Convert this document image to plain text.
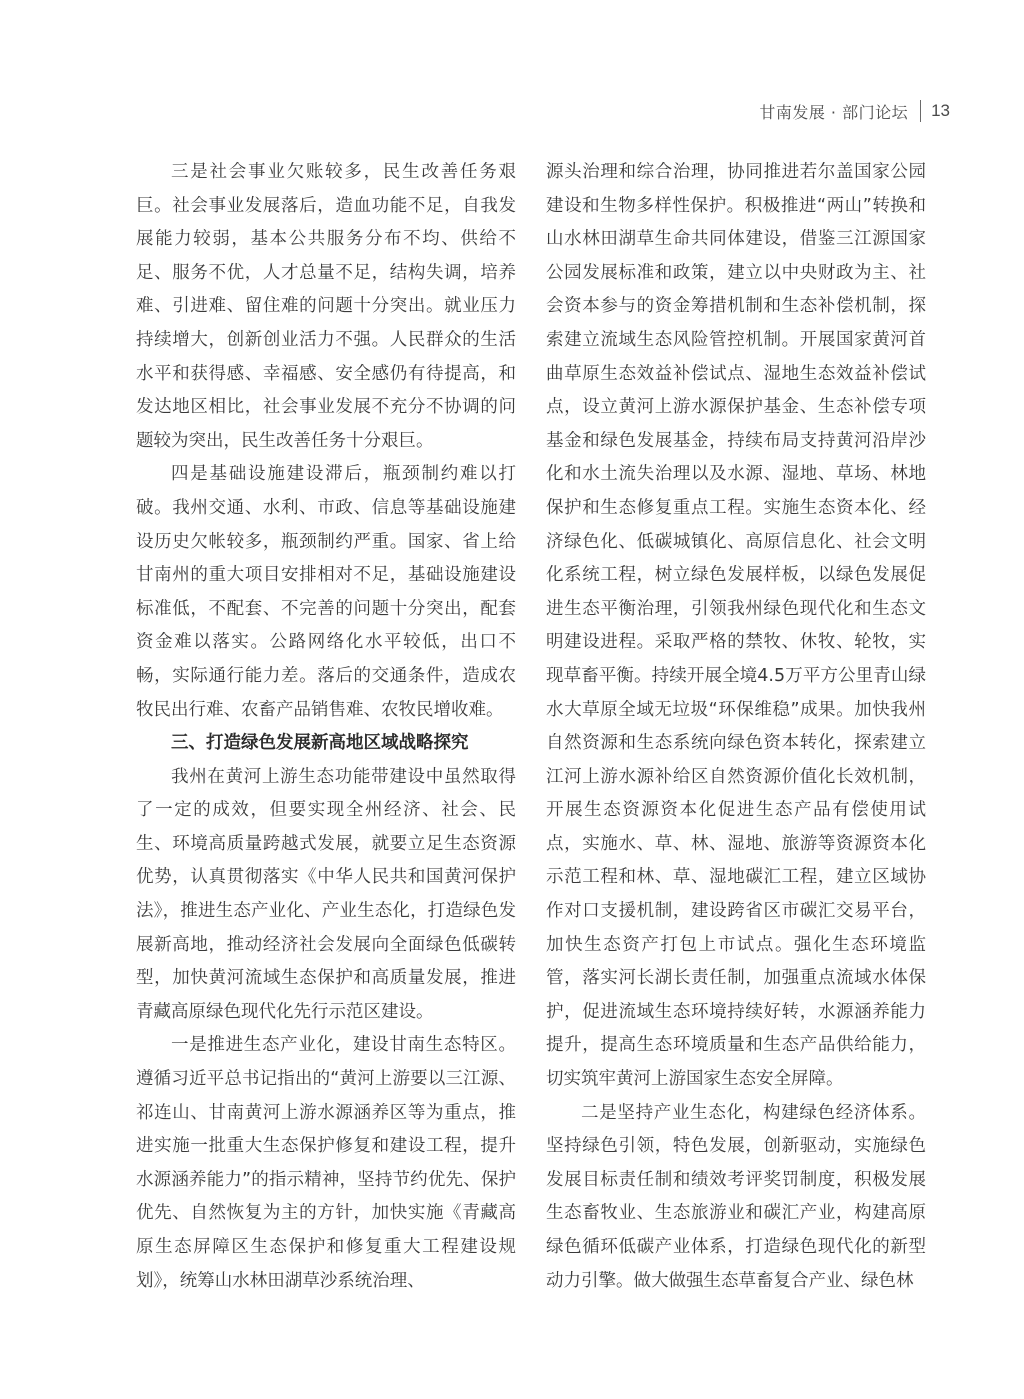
甘南发展 · 部门论坛 13

三是社会事业欠账较多，民生改善任务艰巨。社会事业发展落后，造血功能不足，自我发展能力较弱，基本公共服务分布不均、供给不足、服务不优，人才总量不足，结构失调，培养难、引进难、留住难的问题十分突出。就业压力持续增大，创新创业活力不强。人民群众的生活水平和获得感、幸福感、安全感仍有待提高，和发达地区相比，社会事业发展不充分不协调的问题较为突出，民生改善任务十分艰巨。

四是基础设施建设滞后，瓶颈制约难以打破。我州交通、水利、市政、信息等基础设施建设历史欠帐较多，瓶颈制约严重。国家、省上给甘南州的重大项目安排相对不足，基础设施建设标准低，不配套、不完善的问题十分突出，配套资金难以落实。公路网络化水平较低，出口不畅，实际通行能力差。落后的交通条件，造成农牧民出行难、农畜产品销售难、农牧民增收难。

三、打造绿色发展新高地区域战略探究

我州在黄河上游生态功能带建设中虽然取得了一定的成效，但要实现全州经济、社会、民生、环境高质量跨越式发展，就要立足生态资源优势，认真贯彻落实《中华人民共和国黄河保护法》，推进生态产业化、产业生态化，打造绿色发展新高地，推动经济社会发展向全面绿色低碳转型，加快黄河流域生态保护和高质量发展，推进青藏高原绿色现代化先行示范区建设。

一是推进生态产业化，建设甘南生态特区。遵循习近平总书记指出的“黄河上游要以三江源、祁连山、甘南黄河上游水源涵养区等为重点，推进实施一批重大生态保护修复和建设工程，提升水源涵养能力”的指示精神，坚持节约优先、保护优先、自然恢复为主的方针，加快实施《青藏高原生态屏障区生态保护和修复重大工程建设规划》，统筹山水林田湖草沙系统治理、

源头治理和综合治理，协同推进若尔盖国家公园建设和生物多样性保护。积极推进“两山”转换和山水林田湖草生命共同体建设，借鉴三江源国家公园发展标准和政策，建立以中央财政为主、社会资本参与的资金筹措机制和生态补偿机制，探索建立流域生态风险管控机制。开展国家黄河首曲草原生态效益补偿试点、湿地生态效益补偿试点，设立黄河上游水源保护基金、生态补偿专项基金和绿色发展基金，持续布局支持黄河沿岸沙化和水土流失治理以及水源、湿地、草场、林地保护和生态修复重点工程。实施生态资本化、经济绿色化、低碳城镇化、高原信息化、社会文明化系统工程，树立绿色发展样板，以绿色发展促进生态平衡治理，引领我州绿色现代化和生态文明建设进程。采取严格的禁牧、休牧、轮牧，实现草畜平衡。持续开展全境4.5万平方公里青山绿水大草原全域无垃圾“环保维稳”成果。加快我州自然资源和生态系统向绿色资本转化，探索建立江河上游水源补给区自然资源价值化长效机制，开展生态资源资本化促进生态产品有偿使用试点，实施水、草、林、湿地、旅游等资源资本化示范工程和林、草、湿地碳汇工程，建立区域协作对口支援机制，建设跨省区市碳汇交易平台，加快生态资产打包上市试点。强化生态环境监管，落实河长湖长责任制，加强重点流域水体保护，促进流域生态环境持续好转，水源涵养能力提升，提高生态环境质量和生态产品供给能力，切实筑牢黄河上游国家生态安全屏障。

二是坚持产业生态化，构建绿色经济体系。坚持绿色引领，特色发展，创新驱动，实施绿色发展目标责任制和绩效考评奖罚制度，积极发展生态畜牧业、生态旅游业和碳汇产业，构建高原绿色循环低碳产业体系，打造绿色现代化的新型动力引擎。做大做强生态草畜复合产业、绿色林
